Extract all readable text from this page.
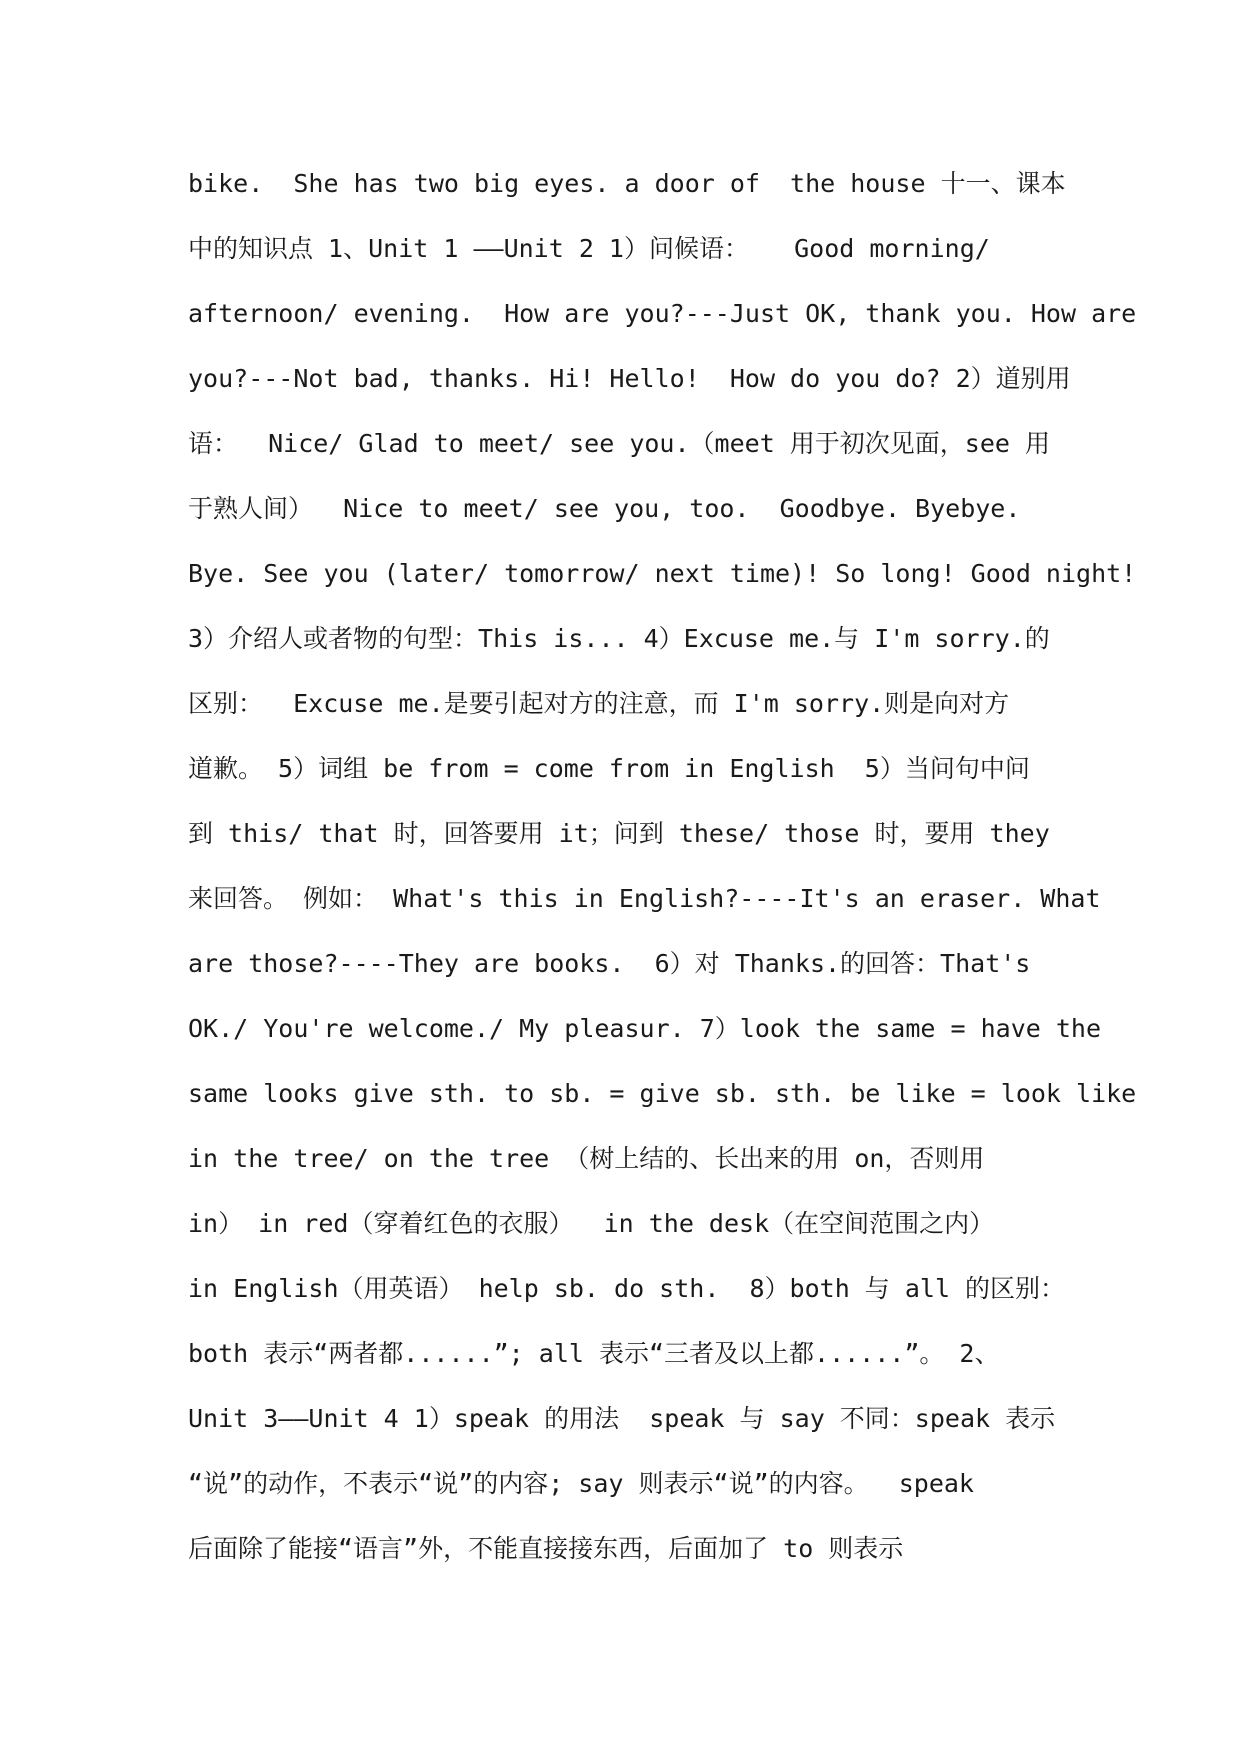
bike.  She has two big eyes. a door of  the house 十一、课本
中的知识点 1、Unit 1 ——Unit 2 1）问候语：   Good morning/
afternoon/ evening.  How are you?---Just OK, thank you. How are
you?---Not bad, thanks. Hi! Hello!  How do you do? 2）道别用
语：  Nice/ Glad to meet/ see you.（meet 用于初次见面，see 用
于熟人间）  Nice to meet/ see you, too.  Goodbye. Byebye.
Bye. See you (later/ tomorrow/ next time)! So long! Good night!
3）介绍人或者物的句型：This is... 4）Excuse me.与 I'm sorry.的
区别：  Excuse me.是要引起对方的注意，而 I'm sorry.则是向对方
道歉。 5）词组 be from = come from in English  5）当问句中问
到 this/ that 时，回答要用 it；问到 these/ those 时，要用 they
来回答。 例如： What's this in English?----It's an eraser. What
are those?----They are books.  6）对 Thanks.的回答：That's
OK./ You're welcome./ My pleasur. 7）look the same = have the
same looks give sth. to sb. = give sb. sth. be like = look like
in the tree/ on the tree （树上结的、长出来的用 on，否则用
in） in red（穿着红色的衣服）  in the desk（在空间范围之内）
in English（用英语） help sb. do sth.  8）both 与 all 的区别：
both 表示“两者都......”; all 表示“三者及以上都......”。 2、
Unit 3——Unit 4 1）speak 的用法  speak 与 say 不同：speak 表示
“说”的动作，不表示“说”的内容; say 则表示“说”的内容。  speak
后面除了能接“语言”外，不能直接接东西，后面加了 to 则表示
